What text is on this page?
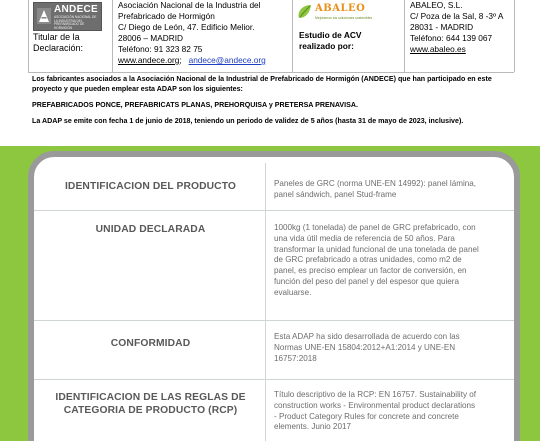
ANDECE
ASOCIACIÓN NACIONAL DE LA INDUSTRIA DEL PREFABRICADO DE HORMIGÓN
Titular de la Declaración:
Asociación Nacional de la Industria del
Prefabricado de Hormigón
C/ Diego de León, 47. Edificio Melior.
28006 – MADRID
Teléfono: 91 323 82 75
www.andece.org; andece@andece.org
ABALEO
Mejoramos tus soluciones sostenibles
Estudio de ACV realizado por:
ABALEO, S.L.
C/ Poza de la Sal, 8 -3º A
28031 - MADRID
Teléfono: 644 139 067
www.abaleo.es

Los fabricantes asociados a la Asociación Nacional de la Industrial de Prefabricado de Hormigón (ANDECE) que han participado en este proyecto y que pueden emplear esta ADAP son los siguientes:

PREFABRICADOS PONCE, PREFABRICATS PLANAS, PREHORQUISA y PRETERSA PRENAVISA.

La ADAP se emite con fecha 1 de junio de 2018, teniendo un periodo de validez de 5 años (hasta 31 de mayo de 2023, inclusive).

IDENTIFICACION DEL PRODUCTO	Paneles de GRC (norma UNE-EN 14992): panel lámina, panel sándwich, panel Stud-frame
UNIDAD DECLARADA	1000kg (1 tonelada) de panel de GRC prefabricado, con una vida útil media de referencia de 50 años. Para transformar la unidad funcional de una tonelada de panel de GRC prefabricado a otras unidades, como m2 de panel, es preciso emplear un factor de conversión, en función del peso del panel y del espesor que quiera evaluarse.
CONFORMIDAD
Esta ADAP ha sido desarrollada de acuerdo con las Normas UNE-EN 15804:2012+A1:2014 y UNE-EN 16757:2018
IDENTIFICACION DE LAS REGLAS DE CATEGORIA DE PRODUCTO (RCP)
Título descriptivo de la RCP: EN 16757. Sustainability of construction works - Environmental product declarations - Product Category Rules for concrete and concrete elements. Junio 2017
